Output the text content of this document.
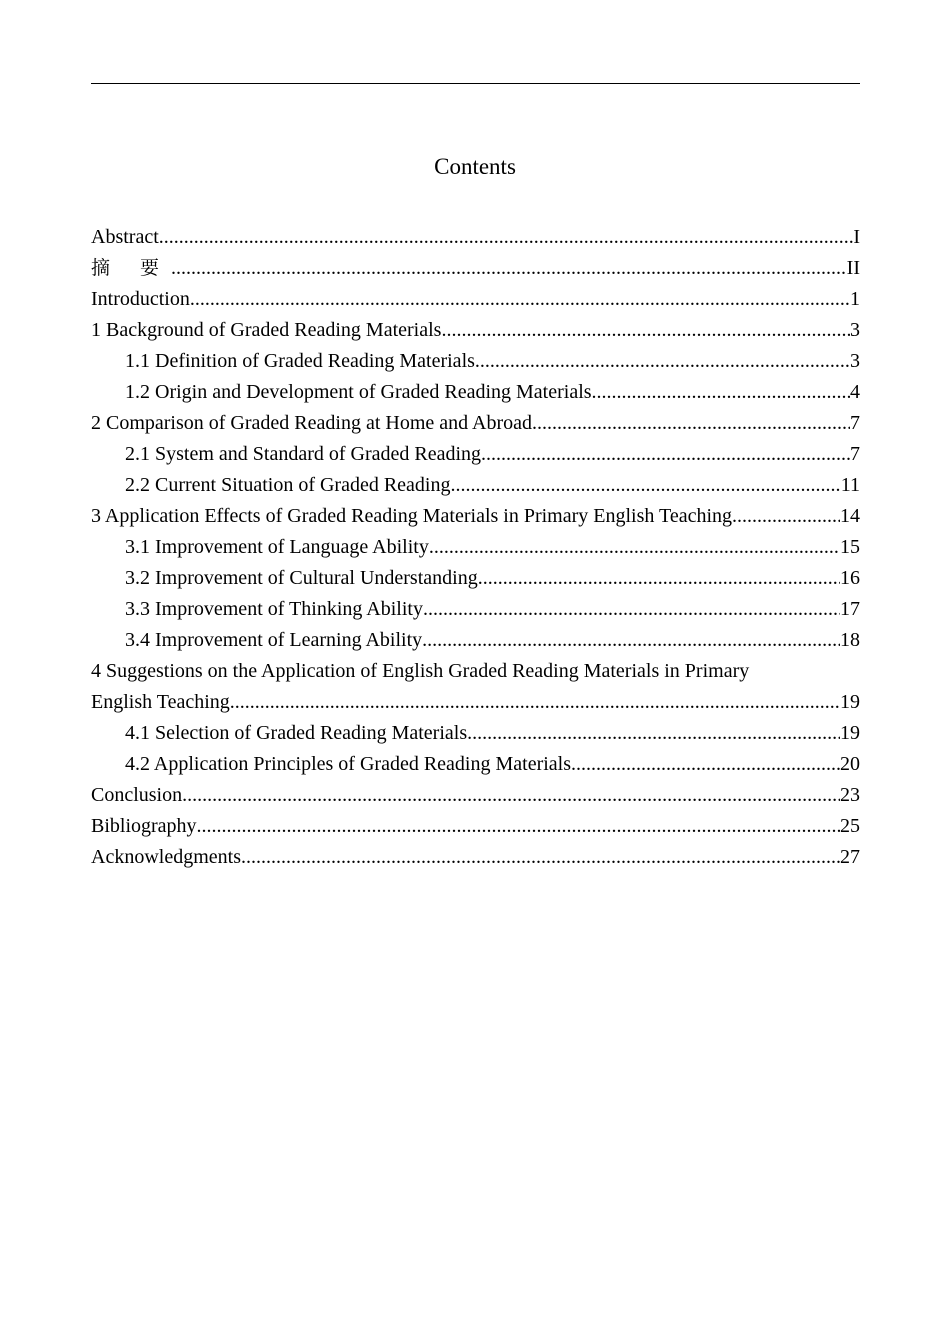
Contents
Abstract .....	I
摘 要 .....	II
Introduction .....	1
1 Background of Graded Reading Materials .....	3
1.1 Definition of Graded Reading Materials .....	3
1.2 Origin and Development of Graded Reading Materials .....	4
2 Comparison of Graded Reading at Home and Abroad .....	7
2.1 System and Standard of Graded Reading .....	7
2.2 Current Situation of Graded Reading .....	11
3 Application Effects of Graded Reading Materials in Primary English Teaching. .....	14
3.1 Improvement of Language Ability .....	15
3.2 Improvement of Cultural Understanding .....	16
3.3 Improvement of Thinking Ability .....	17
3.4 Improvement of Learning Ability .....	18
4 Suggestions on the Application of English Graded Reading Materials in Primary
English Teaching .....	19
4.1 Selection of Graded Reading Materials .....	19
4.2 Application Principles of Graded Reading Materials .....	20
Conclusion .....	23
Bibliography .....	25
Acknowledgments .....	27
